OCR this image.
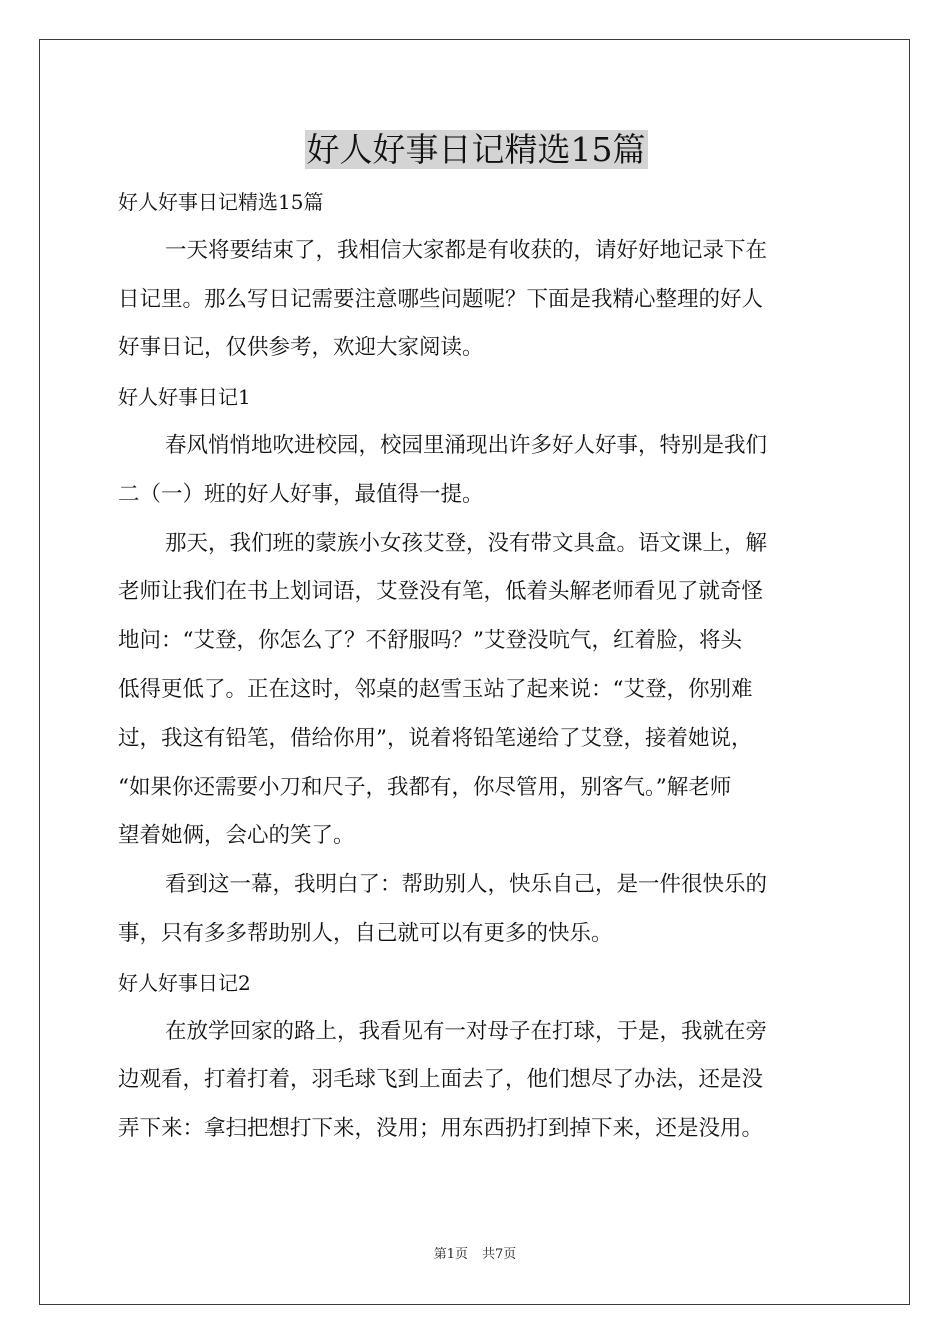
好人好事日记精选15篇

好人好事日记精选15篇

一天将要结束了，我相信大家都是有收获的，请好好地记录下在

日记里。那么写日记需要注意哪些问题呢？下面是我精心整理的好人

好事日记，仅供参考，欢迎大家阅读。

好人好事日记1

春风悄悄地吹进校园，校园里涌现出许多好人好事，特别是我们

二（一）班的好人好事，最值得一提。

那天，我们班的蒙族小女孩艾登，没有带文具盒。语文课上，解

老师让我们在书上划词语，艾登没有笔，低着头解老师看见了就奇怪

地问：“艾登，你怎么了？不舒服吗？”艾登没吭气，红着脸，将头

低得更低了。正在这时，邻桌的赵雪玉站了起来说：“艾登，你别难

过，我这有铅笔，借给你用”，说着将铅笔递给了艾登，接着她说，

“如果你还需要小刀和尺子，我都有，你尽管用，别客气。”解老师

望着她俩，会心的笑了。

看到这一幕，我明白了：帮助别人，快乐自己，是一件很快乐的

事，只有多多帮助别人，自己就可以有更多的快乐。

好人好事日记2

在放学回家的路上，我看见有一对母子在打球，于是，我就在旁

边观看，打着打着，羽毛球飞到上面去了，他们想尽了办法，还是没

弄下来：拿扫把想打下来，没用；用东西扔打到掉下来，还是没用。

第1页 共7页
